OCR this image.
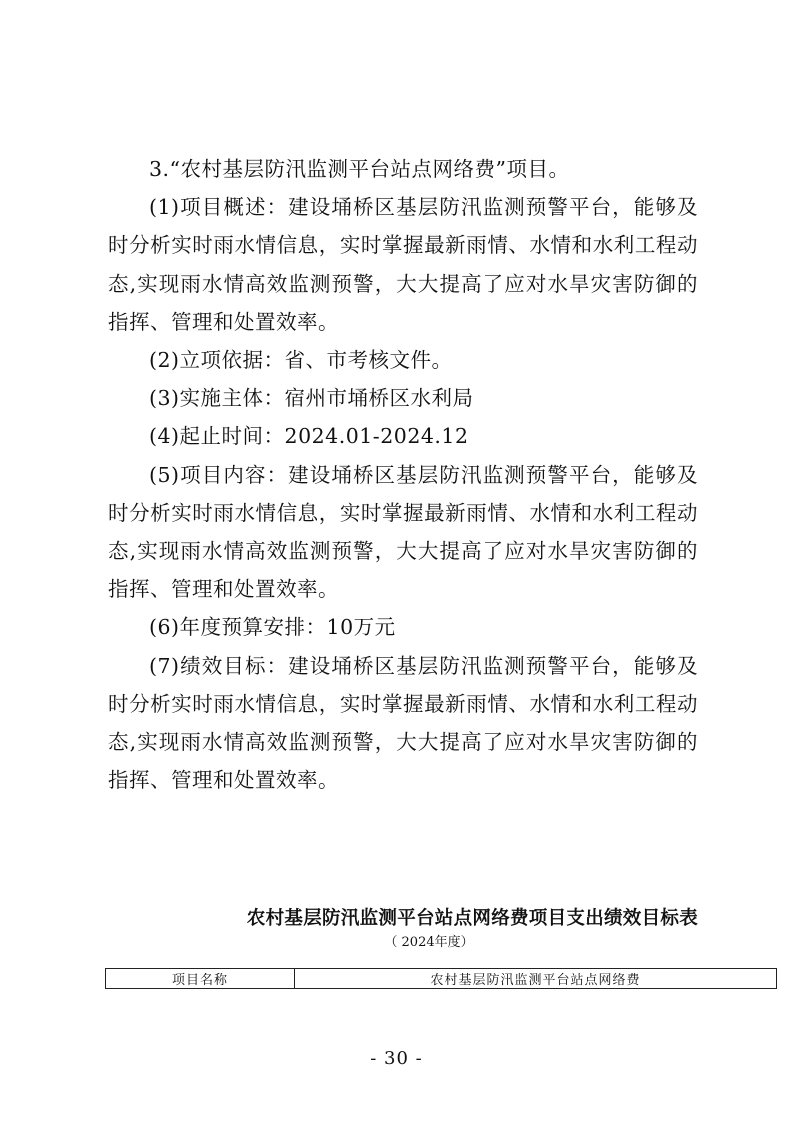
3.“农村基层防汛监测平台站点网络费”项目。

(1)项目概述：建设埇桥区基层防汛监测预警平台，能够及时分析实时雨水情信息，实时掌握最新雨情、水情和水利工程动态,实现雨水情高效监测预警，大大提高了应对水旱灾害防御的指挥、管理和处置效率。

(2)立项依据：省、市考核文件。

(3)实施主体：宿州市埇桥区水利局

(4)起止时间：2024.01-2024.12

(5)项目内容：建设埇桥区基层防汛监测预警平台，能够及时分析实时雨水情信息，实时掌握最新雨情、水情和水利工程动态,实现雨水情高效监测预警，大大提高了应对水旱灾害防御的指挥、管理和处置效率。

(6)年度预算安排：10万元

(7)绩效目标：建设埇桥区基层防汛监测预警平台，能够及时分析实时雨水情信息，实时掌握最新雨情、水情和水利工程动态,实现雨水情高效监测预警，大大提高了应对水旱灾害防御的指挥、管理和处置效率。

农村基层防汛监测平台站点网络费项目支出绩效目标表
（ 2024年度）
项目名称	农村基层防汛监测平台站点网络费
- 30 -
